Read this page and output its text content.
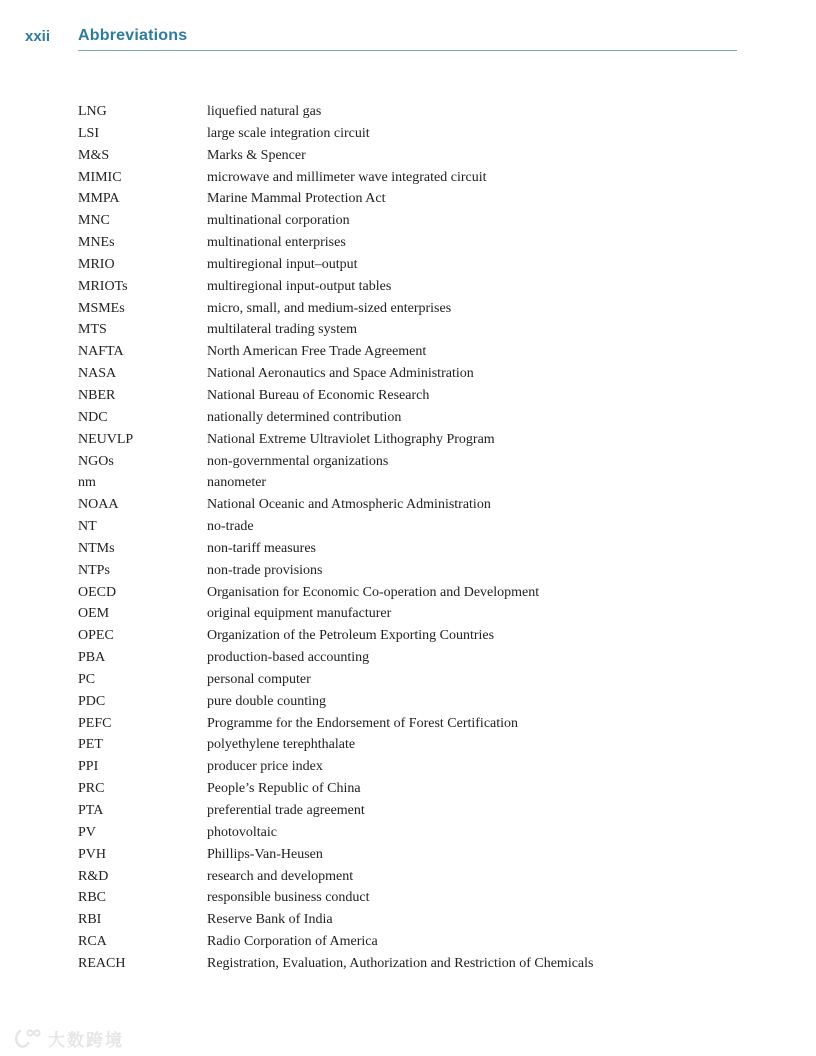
xxii Abbreviations
LNG	liquefied natural gas
LSI	large scale integration circuit
M&S	Marks & Spencer
MIMIC	microwave and millimeter wave integrated circuit
MMPA	Marine Mammal Protection Act
MNC	multinational corporation
MNEs	multinational enterprises
MRIO	multiregional input–output
MRIOTs	multiregional input-output tables
MSMEs	micro, small, and medium-sized enterprises
MTS	multilateral trading system
NAFTA	North American Free Trade Agreement
NASA	National Aeronautics and Space Administration
NBER	National Bureau of Economic Research
NDC	nationally determined contribution
NEUVLP	National Extreme Ultraviolet Lithography Program
NGOs	non-governmental organizations
nm	nanometer
NOAA	National Oceanic and Atmospheric Administration
NT	no-trade
NTMs	non-tariff measures
NTPs	non-trade provisions
OECD	Organisation for Economic Co-operation and Development
OEM	original equipment manufacturer
OPEC	Organization of the Petroleum Exporting Countries
PBA	production-based accounting
PC	personal computer
PDC	pure double counting
PEFC	Programme for the Endorsement of Forest Certification
PET	polyethylene terephthalate
PPI	producer price index
PRC	People’s Republic of China
PTA	preferential trade agreement
PV	photovoltaic
PVH	Phillips-Van-Heusen
R&D	research and development
RBC	responsible business conduct
RBI	Reserve Bank of India
RCA	Radio Corporation of America
REACH	Registration, Evaluation, Authorization and Restriction of Chemicals
大数跨境
